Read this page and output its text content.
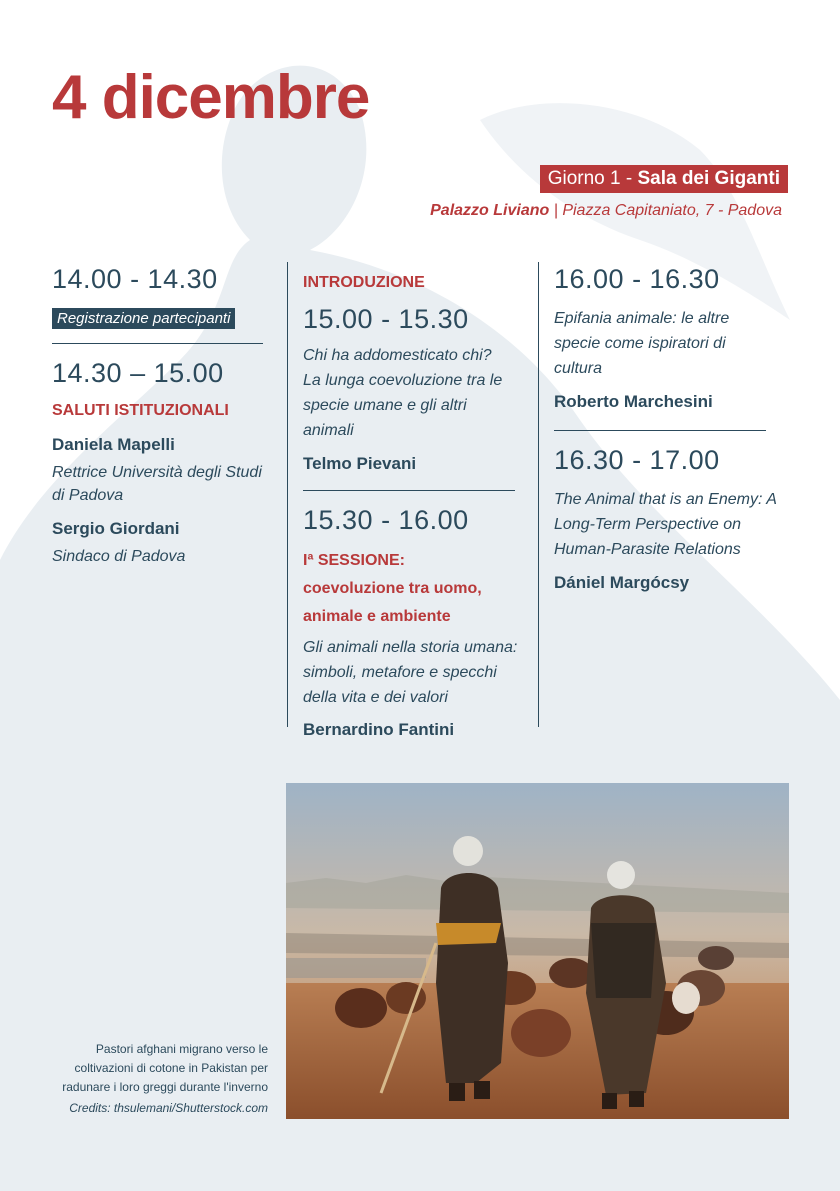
4 dicembre
Giorno 1 - Sala dei Giganti
Palazzo Liviano | Piazza Capitaniato, 7 - Padova
14.00 - 14.30
Registrazione partecipanti
14.30 – 15.00
SALUTI ISTITUZIONALI
Daniela Mapelli
Rettrice Università degli Studi di Padova
Sergio Giordani
Sindaco di Padova
INTRODUZIONE
15.00 - 15.30
Chi ha addomesticato chi? La lunga coevoluzione tra le specie umane e gli altri animali
Telmo Pievani
15.30 - 16.00
Iª SESSIONE:
coevoluzione tra uomo, animale e ambiente
Gli animali nella storia umana: simboli, metafore e specchi della vita e dei valori
Bernardino Fantini
16.00 - 16.30
Epifania animale: le altre specie come ispiratori di cultura
Roberto Marchesini
16.30 - 17.00
The Animal that is an Enemy: A Long-Term Perspective on Human-Parasite Relations
Dániel Margócsy
Pastori afghani migrano verso le coltivazioni di cotone in Pakistan per radunare i loro greggi durante l'inverno
Credits: thsulemani/Shutterstock.com
